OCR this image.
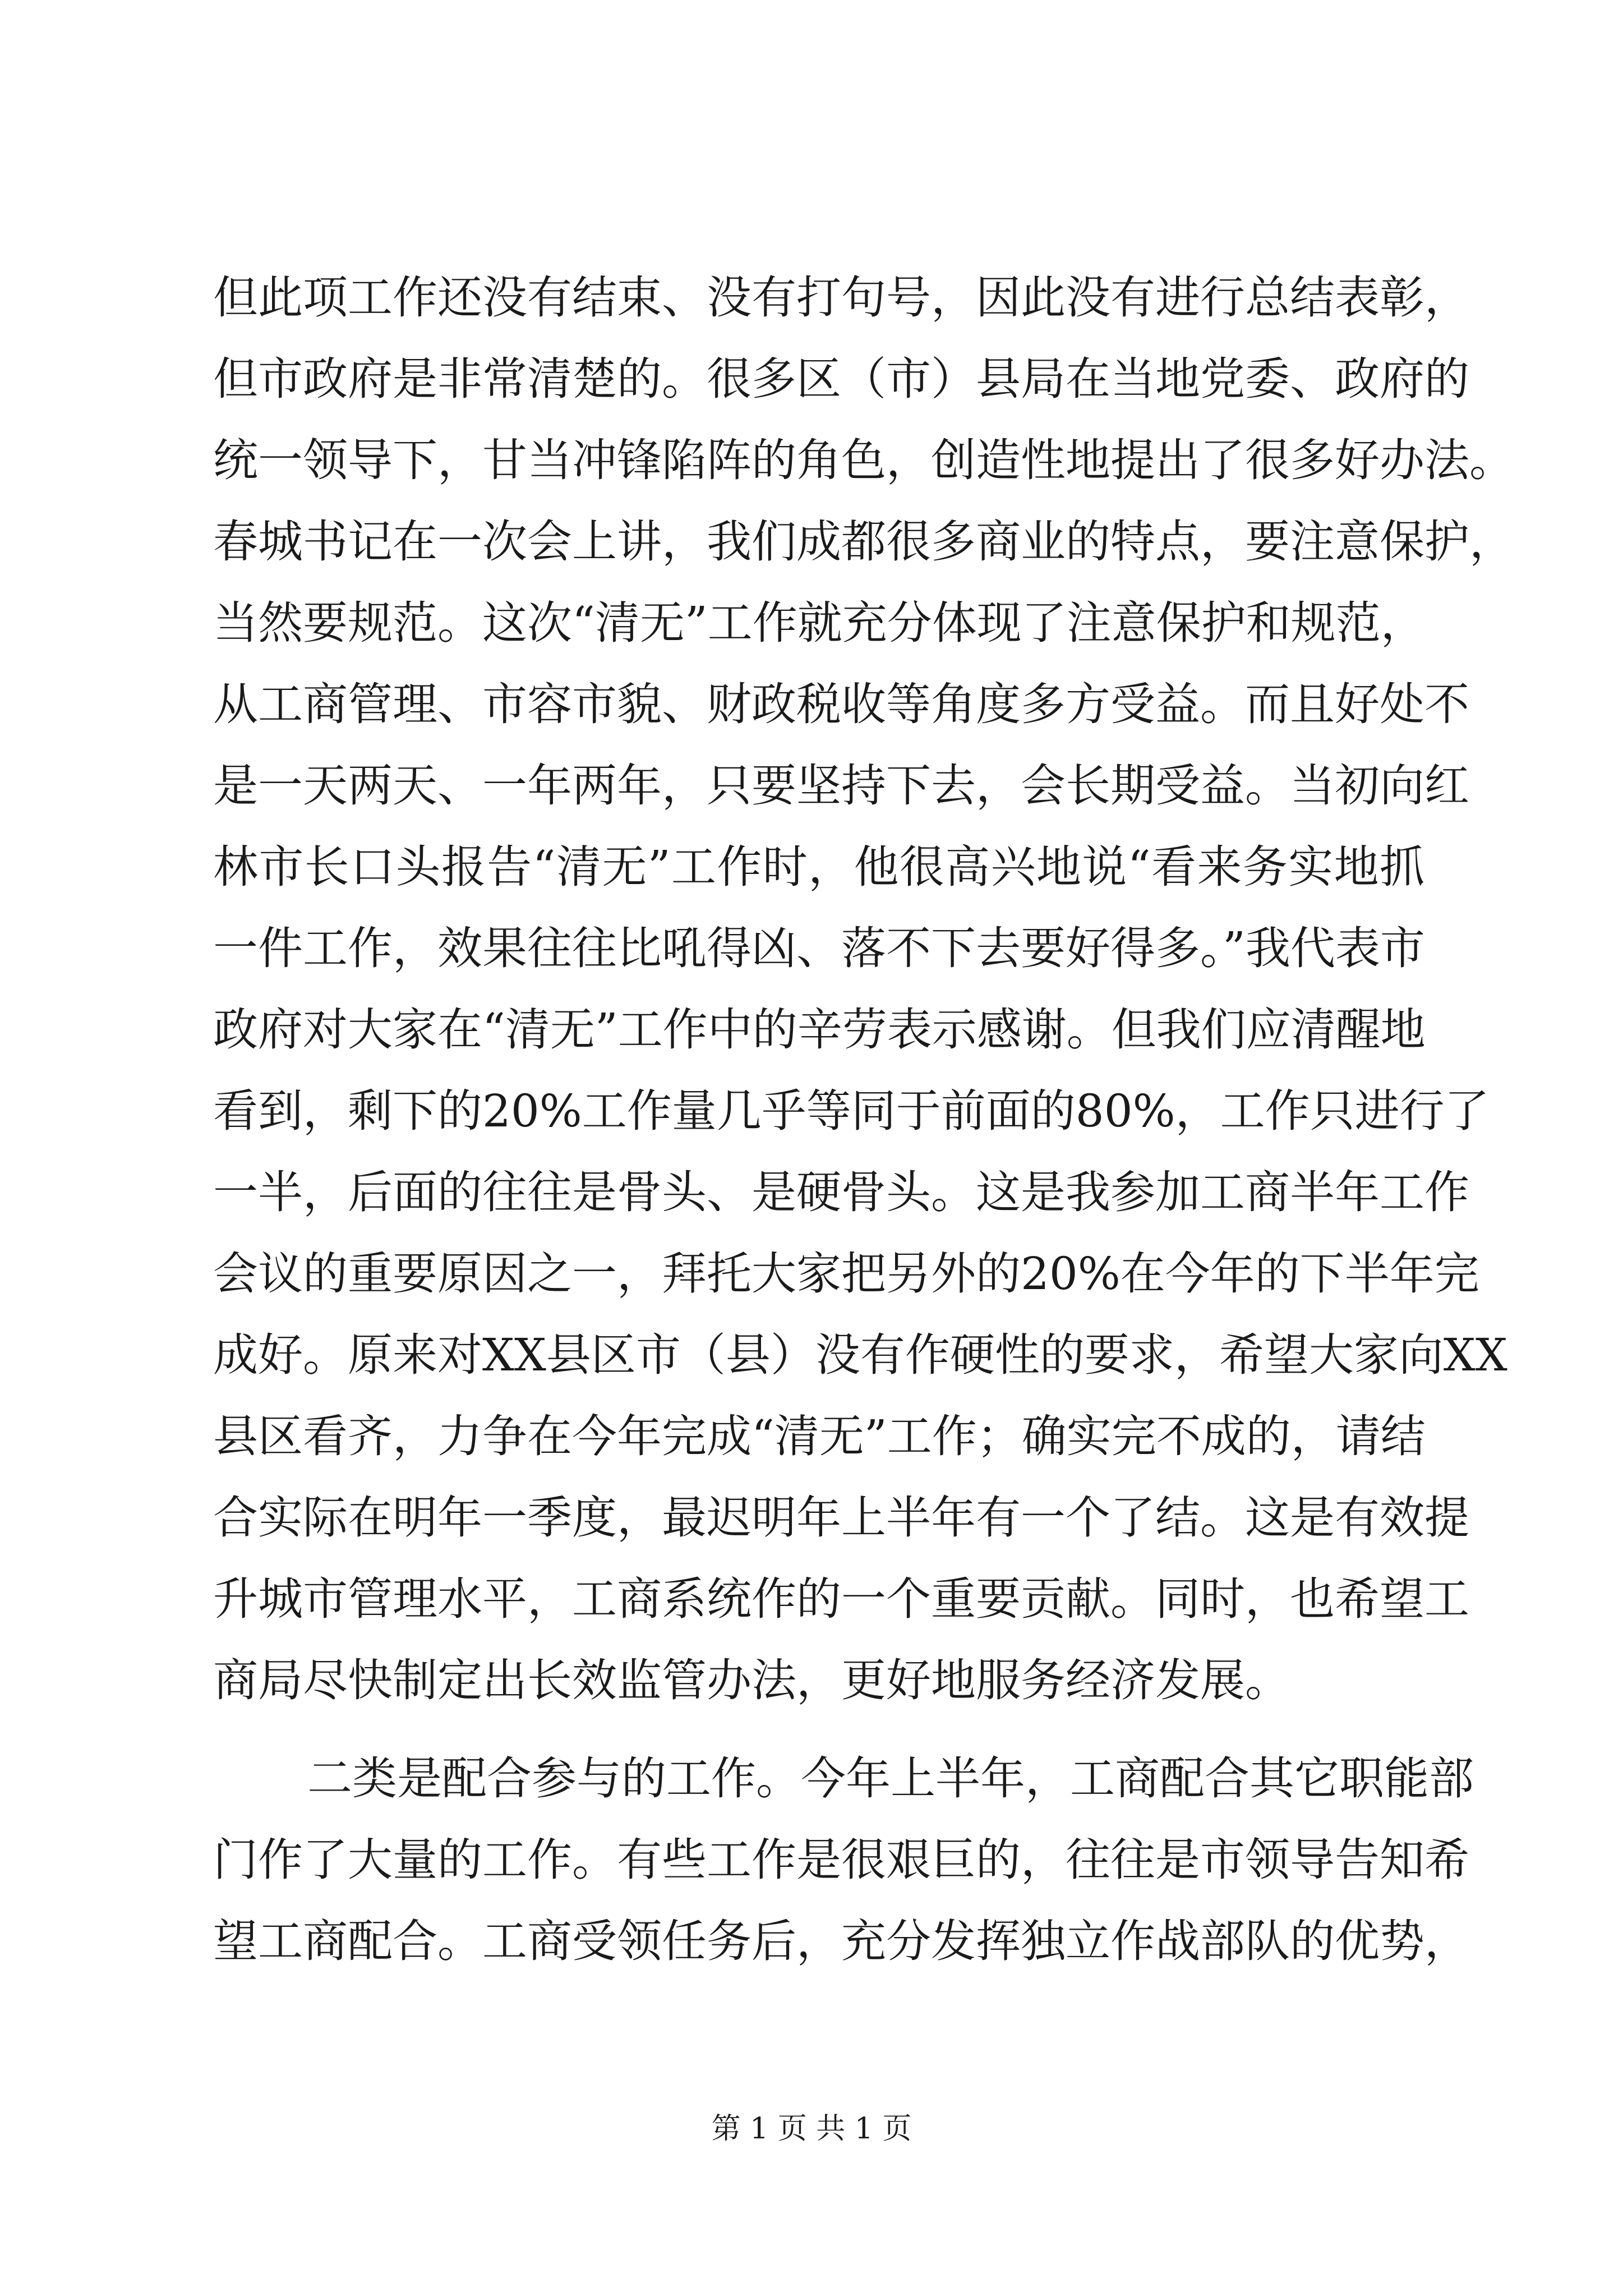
但此项工作还没有结束、没有打句号，因此没有进行总结表彰，
但市政府是非常清楚的。很多区（市）县局在当地党委、政府的
统一领导下，甘当冲锋陷阵的角色，创造性地提出了很多好办法。
春城书记在一次会上讲，我们成都很多商业的特点，要注意保护，
当然要规范。这次“清无”工作就充分体现了注意保护和规范，
从工商管理、市容市貌、财政税收等角度多方受益。而且好处不
是一天两天、一年两年，只要坚持下去，会长期受益。当初向红
林市长口头报告“清无”工作时，他很高兴地说“看来务实地抓
一件工作，效果往往比吼得凶、落不下去要好得多。”我代表市
政府对大家在“清无”工作中的辛劳表示感谢。但我们应清醒地
看到，剩下的20%工作量几乎等同于前面的80%，工作只进行了
一半，后面的往往是骨头、是硬骨头。这是我参加工商半年工作
会议的重要原因之一，拜托大家把另外的20%在今年的下半年完
成好。原来对XX县区市（县）没有作硬性的要求，希望大家向XX
县区看齐，力争在今年完成“清无”工作；确实完不成的，请结
合实际在明年一季度，最迟明年上半年有一个了结。这是有效提
升城市管理水平，工商系统作的一个重要贡献。同时，也希望工
商局尽快制定出长效监管办法，更好地服务经济发展。
二类是配合参与的工作。今年上半年，工商配合其它职能部
门作了大量的工作。有些工作是很艰巨的，往往是市领导告知希
望工商配合。工商受领任务后，充分发挥独立作战部队的优势，
第 1 页 共 1 页
